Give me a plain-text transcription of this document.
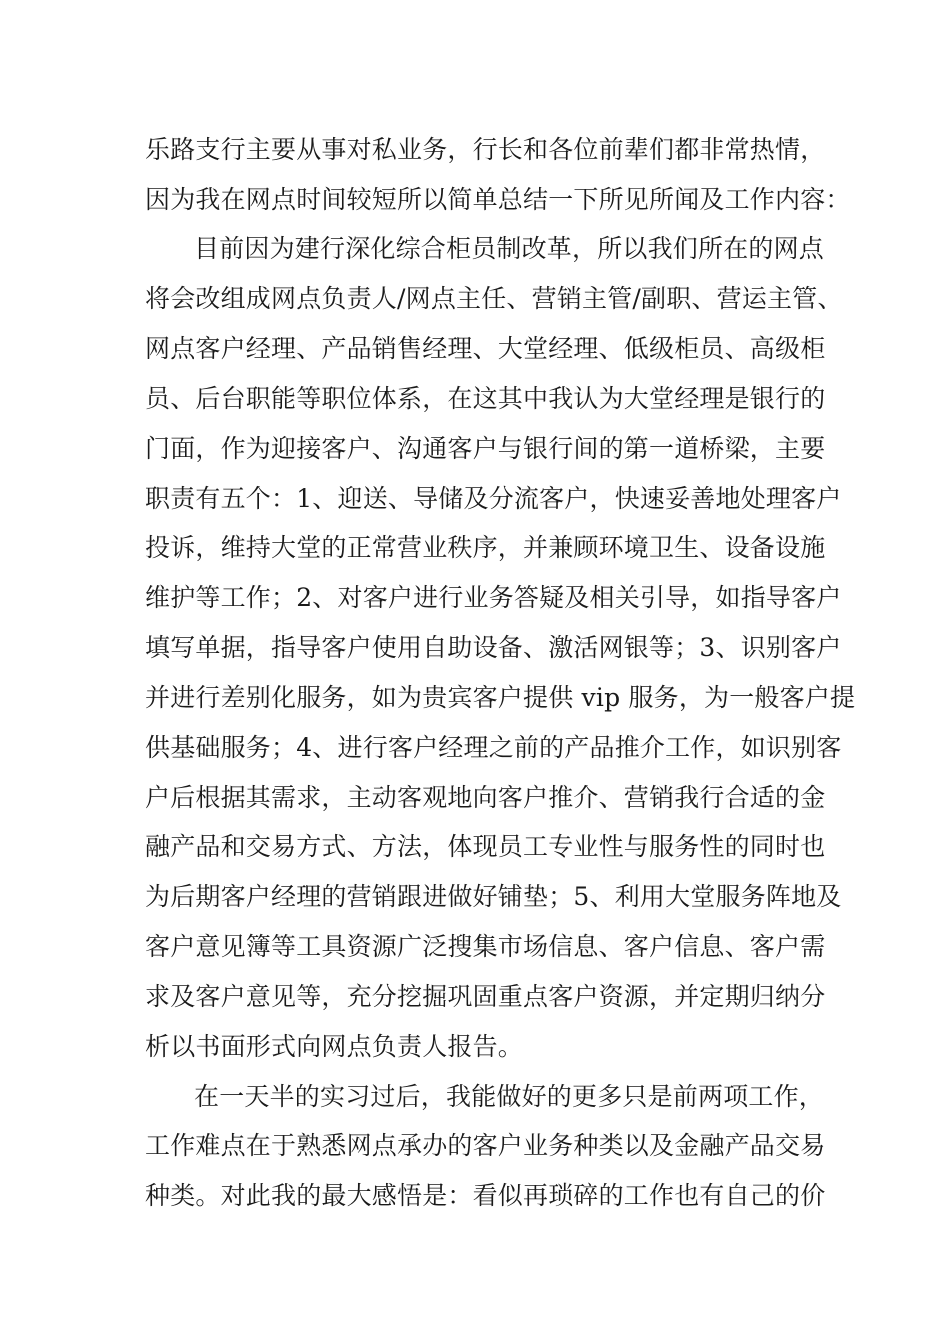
乐路支行主要从事对私业务，行长和各位前辈们都非常热情，
因为我在网点时间较短所以简单总结一下所见所闻及工作内容：
目前因为建行深化综合柜员制改革，所以我们所在的网点
将会改组成网点负责人/网点主任、营销主管/副职、营运主管、
网点客户经理、产品销售经理、大堂经理、低级柜员、高级柜
员、后台职能等职位体系，在这其中我认为大堂经理是银行的
门面，作为迎接客户、沟通客户与银行间的第一道桥梁，主要
职责有五个：1、迎送、导储及分流客户，快速妥善地处理客户
投诉，维持大堂的正常营业秩序，并兼顾环境卫生、设备设施
维护等工作；2、对客户进行业务答疑及相关引导，如指导客户
填写单据，指导客户使用自助设备、激活网银等；3、识别客户
并进行差别化服务，如为贵宾客户提供 vip 服务，为一般客户提
供基础服务；4、进行客户经理之前的产品推介工作，如识别客
户后根据其需求，主动客观地向客户推介、营销我行合适的金
融产品和交易方式、方法，体现员工专业性与服务性的同时也
为后期客户经理的营销跟进做好铺垫；5、利用大堂服务阵地及
客户意见簿等工具资源广泛搜集市场信息、客户信息、客户需
求及客户意见等，充分挖掘巩固重点客户资源，并定期归纳分
析以书面形式向网点负责人报告。
在一天半的实习过后，我能做好的更多只是前两项工作，
工作难点在于熟悉网点承办的客户业务种类以及金融产品交易
种类。对此我的最大感悟是：看似再琐碎的工作也有自己的价
